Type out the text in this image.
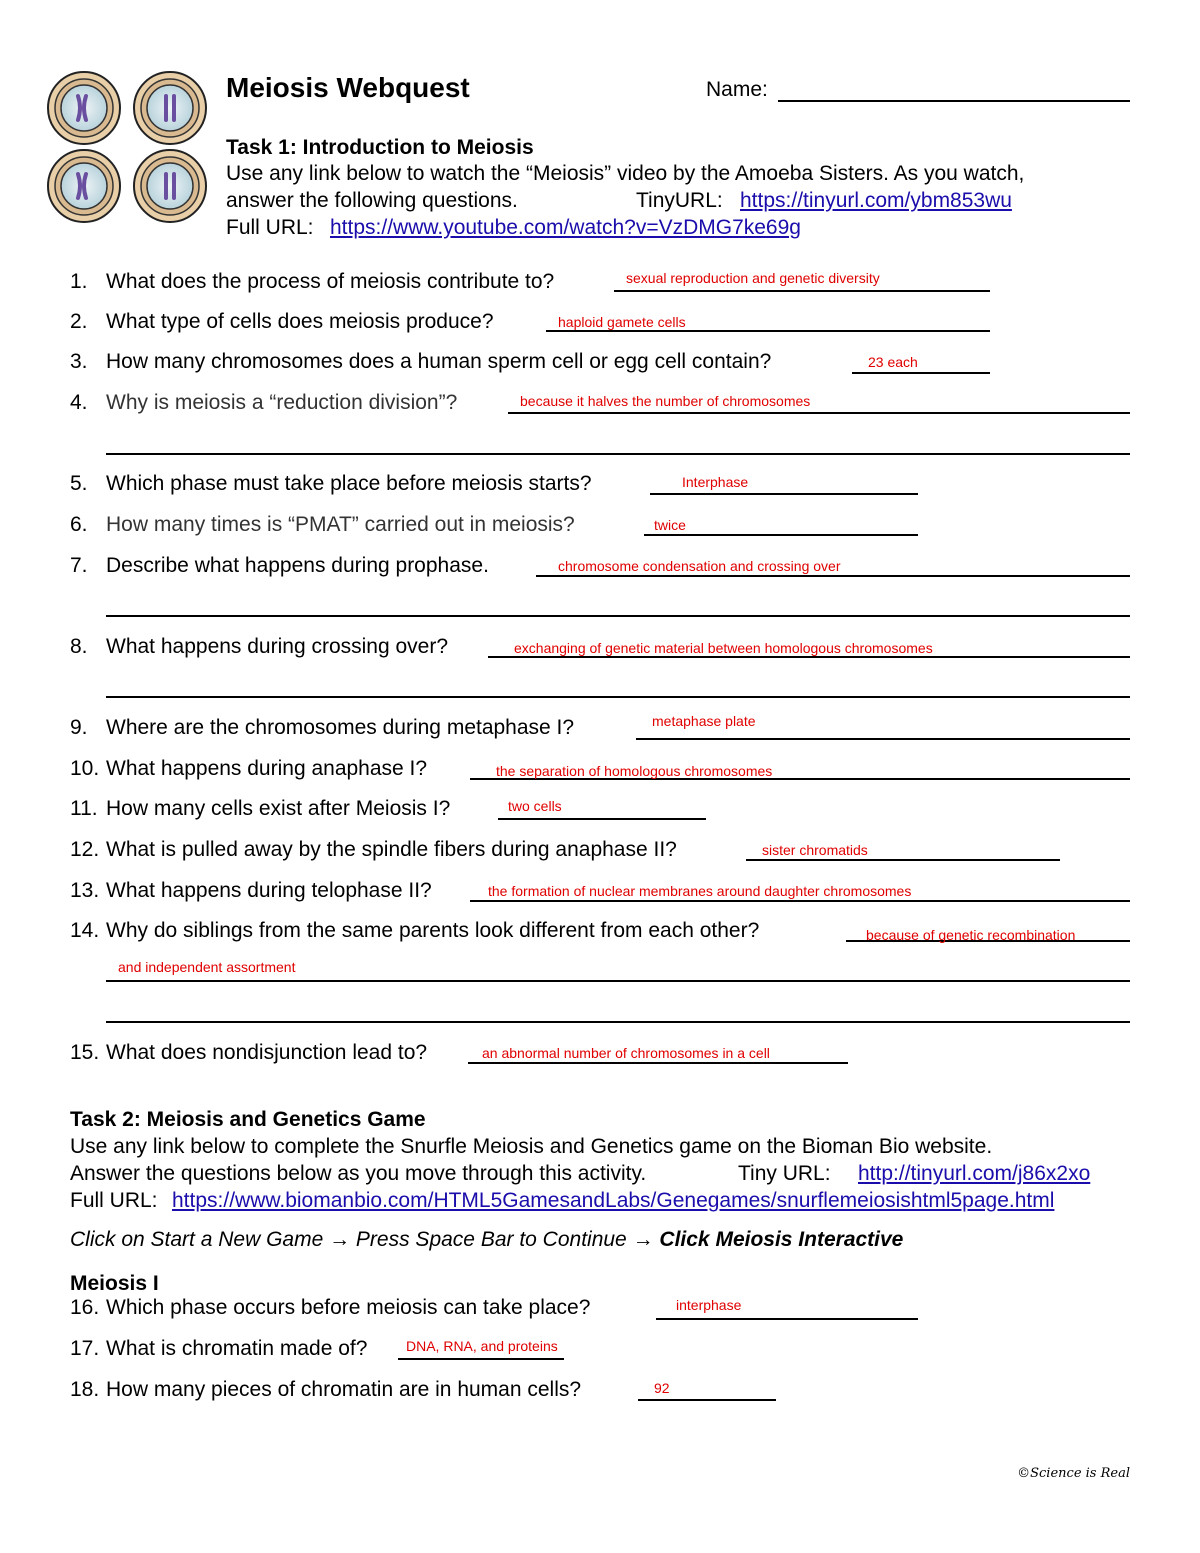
Meiosis Webquest	Name:
Task 1: Introduction to Meiosis
Use any link below to watch the “Meiosis” video by the Amoeba Sisters. As you watch,
answer the following questions.	TinyURL: https://tinyurl.com/ybm853wu
Full URL: https://www.youtube.com/watch?v=VzDMG7ke69g
1. What does the process of meiosis contribute to?	sexual reproduction and genetic diversity
2. What type of cells does meiosis produce?	haploid gamete cells
3. How many chromosomes does a human sperm cell or egg cell contain?	23 each
4. Why is meiosis a “reduction division”?	because it halves the number of chromosomes
5. Which phase must take place before meiosis starts?	Interphase
6. How many times is “PMAT” carried out in meiosis?	twice
7. Describe what happens during prophase.	chromosome condensation and crossing over
8. What happens during crossing over?	exchanging of genetic material between homologous chromosomes
9. Where are the chromosomes during metaphase I?	metaphase plate
10. What happens during anaphase I?	the separation of homologous chromosomes
11. How many cells exist after Meiosis I?	two cells
12. What is pulled away by the spindle fibers during anaphase II?	sister chromatids
13. What happens during telophase II?	the formation of nuclear membranes around daughter chromosomes
14. Why do siblings from the same parents look different from each other?	because of genetic recombination
and independent assortment
15. What does nondisjunction lead to?	an abnormal number of chromosomes in a cell
Task 2: Meiosis and Genetics Game
Use any link below to complete the Snurfle Meiosis and Genetics game on the Bioman Bio website.
Answer the questions below as you move through this activity.	Tiny URL: http://tinyurl.com/j86x2xo
Full URL: https://www.biomanbio.com/HTML5GamesandLabs/Genegames/snurflemeiosishtml5page.html
Click on Start a New Game → Press Space Bar to Continue → Click Meiosis Interactive
Meiosis I
16. Which phase occurs before meiosis can take place?	interphase
17. What is chromatin made of?	DNA, RNA, and proteins
18. How many pieces of chromatin are in human cells?	92
©Science is Real
